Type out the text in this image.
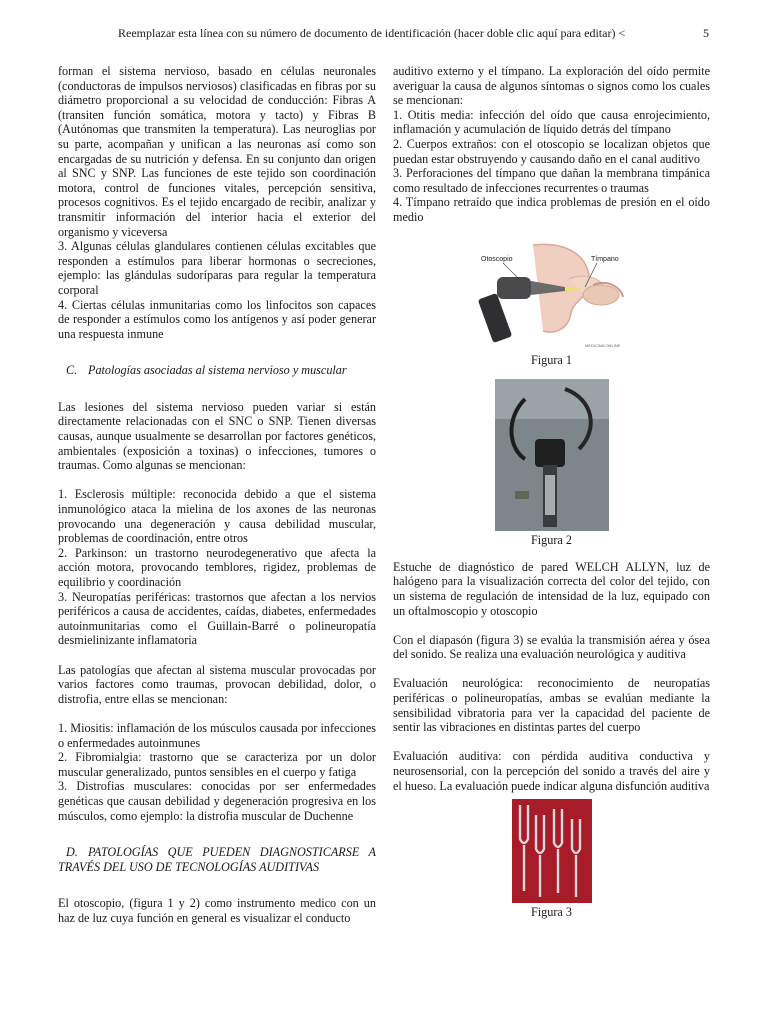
Reemplazar esta línea con su número de documento de identificación (hacer doble clic aquí para editar) <	5

forman el sistema nervioso, basado en células neuronales (conductoras de impulsos nerviosos) clasificadas en fibras por su diámetro proporcional a su velocidad de conducción: Fibras A (transiten función somática, motora y tacto) y Fibras B (Autónomas que transmiten la temperatura). Las neuroglias por su parte, acompañan y unifican a las neuronas así como son encargadas de su nutrición y defensa. En su conjunto dan origen al SNC y SNP. Las funciones de este tejido son coordinación motora, control de funciones vitales, percepción sensitiva, procesos cognitivos. Es el tejido encargado de recibir, analizar y transmitir información del interior hacia el exterior del organismo y viceversa

3. Algunas células glandulares contienen células excitables que responden a estímulos para liberar hormonas o secreciones, ejemplo: las glándulas sudoríparas para regular la temperatura corporal

4. Ciertas células inmunitarias como los linfocitos son capaces de responder a estímulos como los antígenos y así poder generar una respuesta inmune

C. Patologías asociadas al sistema nervioso y muscular

Las lesiones del sistema nervioso pueden variar si están directamente relacionadas con el SNC o SNP. Tienen diversas causas, aunque usualmente se desarrollan por factores genéticos, ambientales (exposición a toxinas) o infecciones, tumores o traumas. Como algunas se mencionan:

1. Esclerosis múltiple: reconocida debido a que el sistema inmunológico ataca la mielina de los axones de las neuronas provocando una degeneración y causa debilidad muscular, problemas de coordinación, entre otros

2. Parkinson: un trastorno neurodegenerativo que afecta la acción motora, provocando temblores, rigidez, problemas de equilibrio y coordinación

3. Neuropatías periféricas: trastornos que afectan a los nervios periféricos a causa de accidentes, caídas, diabetes, enfermedades autoinmunitarias como el Guillain-Barré o polineuropatía desmielinizante inflamatoria

Las patologías que afectan al sistema muscular provocadas por varios factores como traumas, provocan debilidad, dolor, o distrofia, entre ellas se mencionan:

1. Miositis: inflamación de los músculos causada por infecciones o enfermedades autoinmunes

2. Fibromialgia: trastorno que se caracteriza por un dolor muscular generalizado, puntos sensibles en el cuerpo y fatiga

3. Distrofias musculares: conocidas por ser enfermedades genéticas que causan debilidad y degeneración progresiva en los músculos, como ejemplo: la distrofia muscular de Duchenne

D. PATOLOGÍAS QUE PUEDEN DIAGNOSTICARSE A TRAVÉS DEL USO DE TECNOLOGÍAS AUDITIVAS

El otoscopio, (figura 1 y 2) como instrumento medico con un haz de luz cuya función en general es visualizar el conducto

auditivo externo y el tímpano. La exploración del oído permite averiguar la causa de algunos síntomas o signos como los cuales se mencionan:

1. Otitis media: infección del oído que causa enrojecimiento, inflamación y acumulación de líquido detrás del tímpano

2. Cuerpos extraños: con el otoscopio se localizan objetos que puedan estar obstruyendo y causando daño en el canal auditivo

3. Perforaciones del tímpano que dañan la membrana timpánica como resultado de infecciones recurrentes o traumas

4. Tímpano retraído que indica problemas de presión en el oído medio

Otoscopio	Tímpano
MEDICINA ONLINE
Figura 1
Figura 2

Estuche de diagnóstico de pared WELCH ALLYN, luz de halógeno para la visualización correcta del color del tejido, con un sistema de regulación de intensidad de la luz, equipado con un oftalmoscopio y otoscopio

Con el diapasón (figura 3) se evalúa la transmisión aérea y ósea del sonido. Se realiza una evaluación neurológica y auditiva

Evaluación neurológica: reconocimiento de neuropatías periféricas o polineuropatías, ambas se evalúan mediante la sensibilidad vibratoria para ver la capacidad del paciente de sentir las vibraciones en distintas partes del cuerpo

Evaluación auditiva: con pérdida auditiva conductiva y neurosensorial, con la percepción del sonido a través del aire y el hueso. La evaluación puede indicar alguna disfunción auditiva

Figura 3
